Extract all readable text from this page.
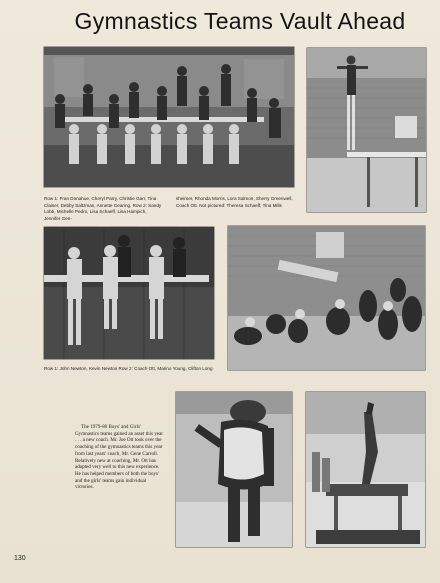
Gymnastics Teams Vault Ahead
Row 1: Fran Donahue, Cheryl Parry, Christie Garr, Tina Claiser, Debby Saltzman, Annette Gearing. Row 2: Sandy Lobb, Michelle Pedro, Lisa Schaeff, Lisa Hampich, Jennifer Gen-
sheimer, Rhonda Morris, Lora Salmon, Sherry Greenwell, Coach Ott. Not pictured: Theresa Schaeff, Tina Mills
Row 1: John Newton, Kevin Newton Row 2: Coach Ott, Marino Young, Clifton Long
The 1979-80 Boys' and Girls' Gymnastics teams gained an asset this year . . . a new coach. Mr. Joe Ott took over the coaching of the gymnastics teams this year from last years' coach, Mr. Gene Carroll. Relatively new at coaching, Mr. Ott has adapted very well to this new experience. He has helped members of both the boys' and the girls' teams gain individual victories.
130
